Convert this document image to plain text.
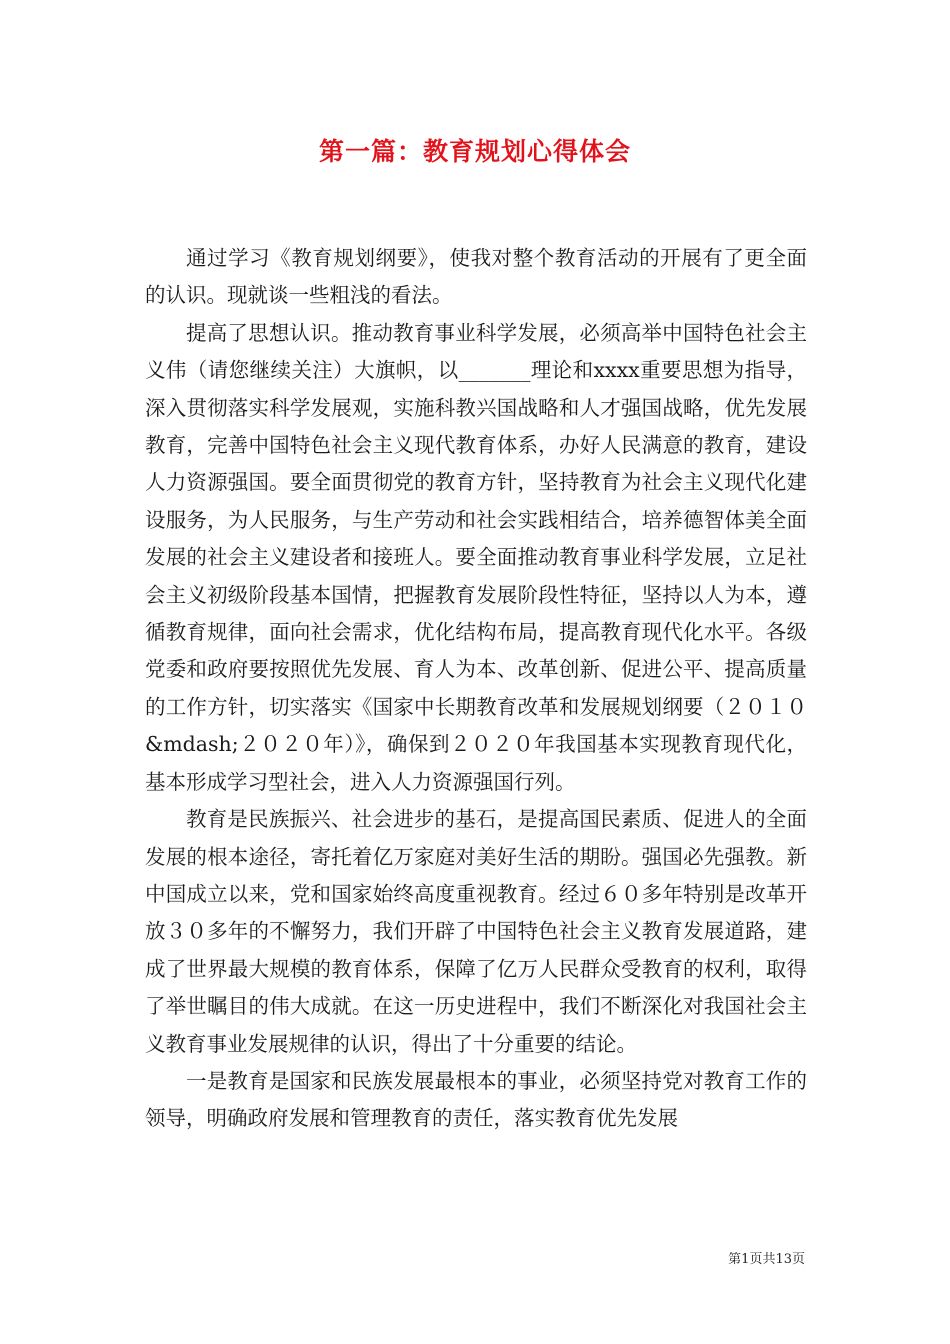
第一篇：教育规划心得体会

通过学习《教育规划纲要》，使我对整个教育活动的开展有了更全面的认识。现就谈一些粗浅的看法。

提高了思想认识。推动教育事业科学发展，必须高举中国特色社会主义伟（请您继续关注）大旗帜，以_______理论和xxxx重要思想为指导，深入贯彻落实科学发展观，实施科教兴国战略和人才强国战略，优先发展教育，完善中国特色社会主义现代教育体系，办好人民满意的教育，建设人力资源强国。要全面贯彻党的教育方针，坚持教育为社会主义现代化建设服务，为人民服务，与生产劳动和社会实践相结合，培养德智体美全面发展的社会主义建设者和接班人。要全面推动教育事业科学发展，立足社会主义初级阶段基本国情，把握教育发展阶段性特征，坚持以人为本，遵循教育规律，面向社会需求，优化结构布局，提高教育现代化水平。各级党委和政府要按照优先发展、育人为本、改革创新、促进公平、提高质量的工作方针，切实落实《国家中长期教育改革和发展规划纲要（２０１０&mdash;２０２０年）》，确保到２０２０年我国基本实现教育现代化，基本形成学习型社会，进入人力资源强国行列。

教育是民族振兴、社会进步的基石，是提高国民素质、促进人的全面发展的根本途径，寄托着亿万家庭对美好生活的期盼。强国必先强教。新中国成立以来，党和国家始终高度重视教育。经过６０多年特别是改革开放３０多年的不懈努力，我们开辟了中国特色社会主义教育发展道路，建成了世界最大规模的教育体系，保障了亿万人民群众受教育的权利，取得了举世瞩目的伟大成就。在这一历史进程中，我们不断深化对我国社会主义教育事业发展规律的认识，得出了十分重要的结论。

一是教育是国家和民族发展最根本的事业，必须坚持党对教育工作的领导，明确政府发展和管理教育的责任，落实教育优先发展

第1页共13页
